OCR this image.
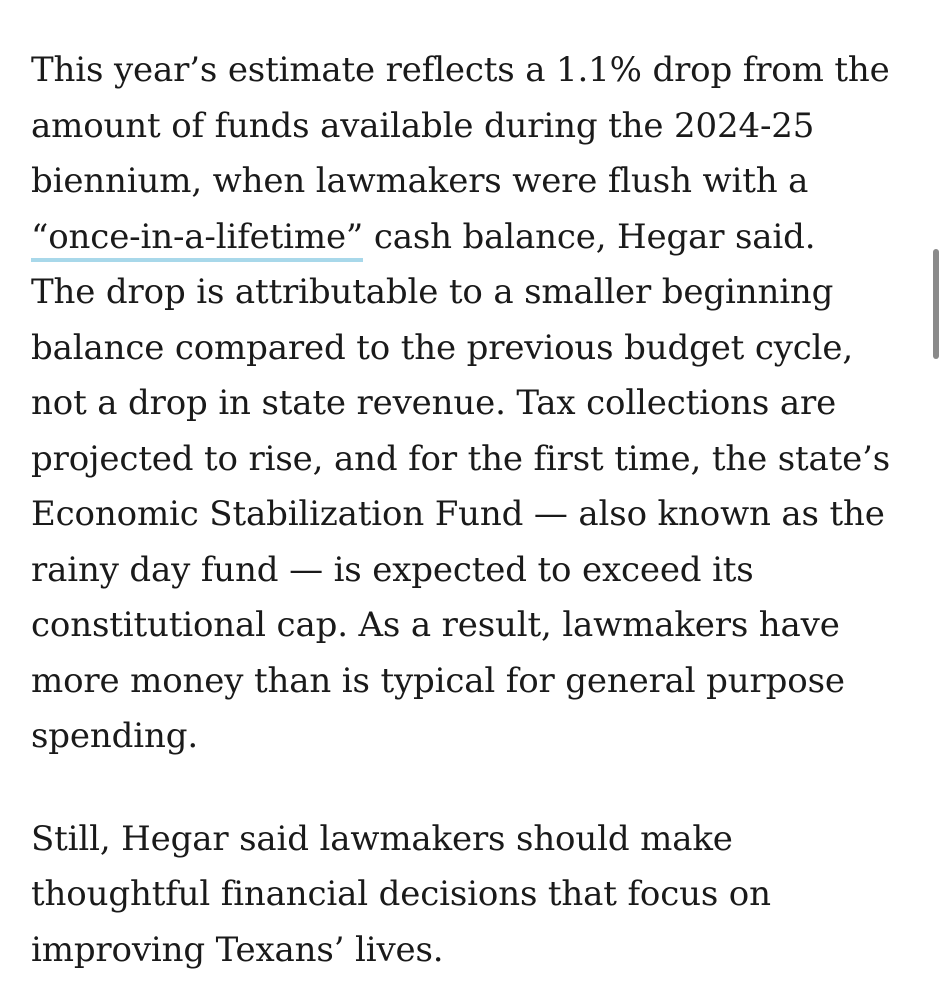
This year’s estimate reflects a 1.1% drop from the
amount of funds available during the 2024-25
biennium, when lawmakers were flush with a
“once-in-a-lifetime” cash balance, Hegar said.
The drop is attributable to a smaller beginning
balance compared to the previous budget cycle,
not a drop in state revenue. Tax collections are
projected to rise, and for the first time, the state’s
Economic Stabilization Fund — also known as the
rainy day fund — is expected to exceed its
constitutional cap. As a result, lawmakers have
more money than is typical for general purpose
spending.

Still, Hegar said lawmakers should make
thoughtful financial decisions that focus on
improving Texans’ lives.
